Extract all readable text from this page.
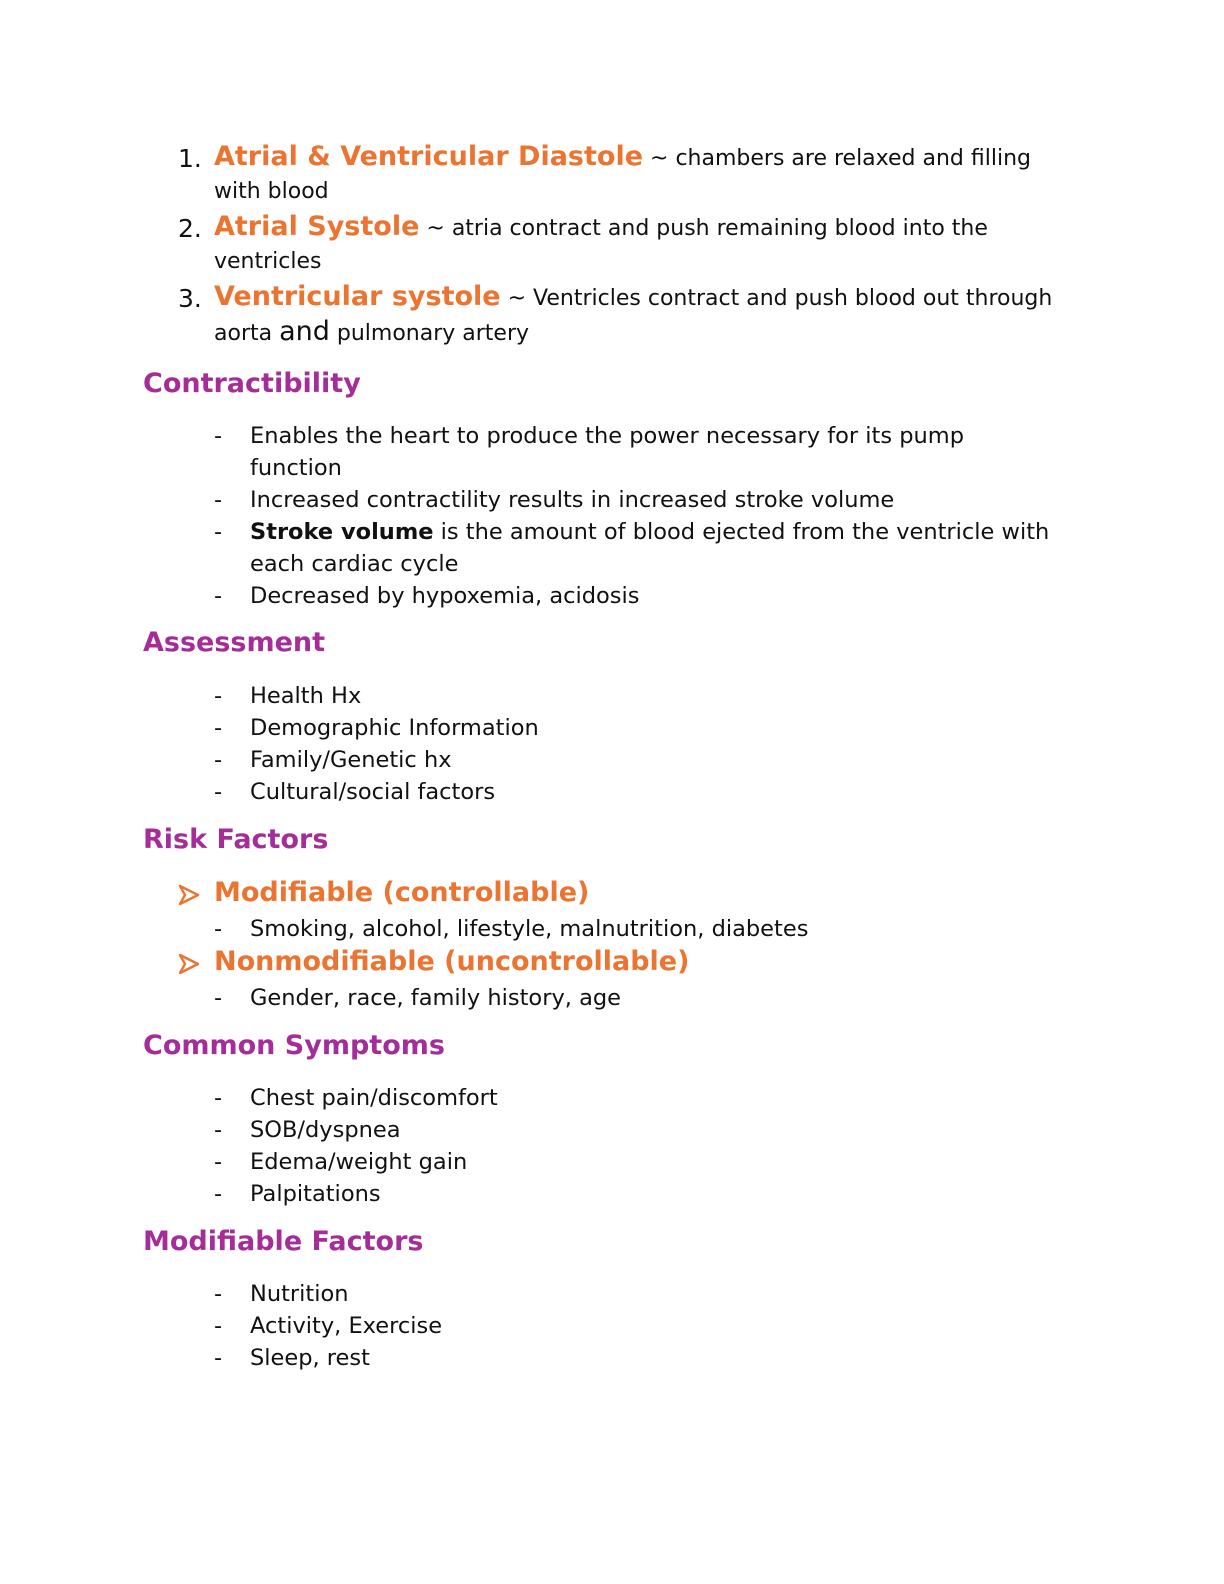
1. Atrial & Ventricular Diastole ~ chambers are relaxed and filling with blood
2. Atrial Systole ~ atria contract and push remaining blood into the ventricles
3. Ventricular systole ~ Ventricles contract and push blood out through aorta and pulmonary artery
Contractibility
- Enables the heart to produce the power necessary for its pump function
- Increased contractility results in increased stroke volume
- Stroke volume is the amount of blood ejected from the ventricle with each cardiac cycle
- Decreased by hypoxemia, acidosis
Assessment
- Health Hx
- Demographic Information
- Family/Genetic hx
- Cultural/social factors
Risk Factors
Modifiable (controllable)
- Smoking, alcohol, lifestyle, malnutrition, diabetes
Nonmodifiable (uncontrollable)
- Gender, race, family history, age
Common Symptoms
- Chest pain/discomfort
- SOB/dyspnea
- Edema/weight gain
- Palpitations
Modifiable Factors
- Nutrition
- Activity, Exercise
- Sleep, rest
